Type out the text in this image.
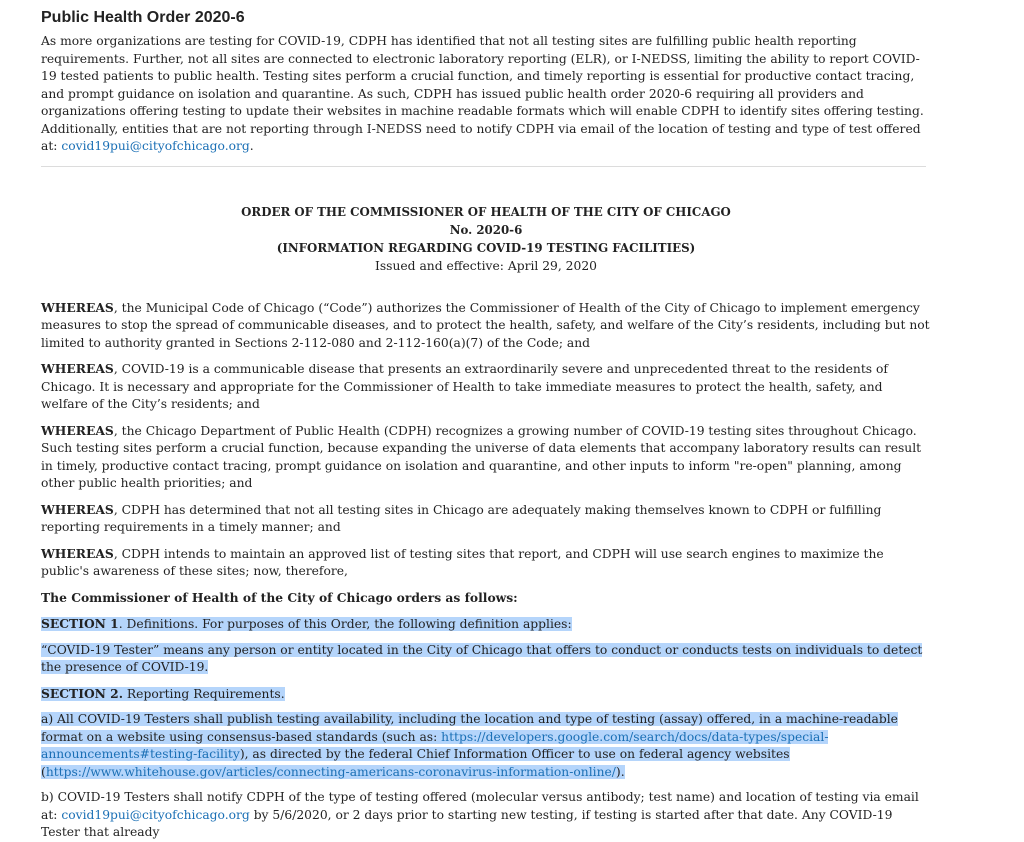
Public Health Order 2020-6

As more organizations are testing for COVID-19, CDPH has identified that not all testing sites are fulfilling public health reporting requirements. Further, not all sites are connected to electronic laboratory reporting (ELR), or I-NEDSS, limiting the ability to report COVID-19 tested patients to public health. Testing sites perform a crucial function, and timely reporting is essential for productive contact tracing, and prompt guidance on isolation and quarantine. As such, CDPH has issued public health order 2020-6 requiring all providers and organizations offering testing to update their websites in machine readable formats which will enable CDPH to identify sites offering testing. Additionally, entities that are not reporting through I-NEDSS need to notify CDPH via email of the location of testing and type of test offered at: covid19pui@cityofchicago.org.

ORDER OF THE COMMISSIONER OF HEALTH OF THE CITY OF CHICAGO
No. 2020-6
(INFORMATION REGARDING COVID-19 TESTING FACILITIES)
Issued and effective: April 29, 2020

WHEREAS, the Municipal Code of Chicago (“Code”) authorizes the Commissioner of Health of the City of Chicago to implement emergency measures to stop the spread of communicable diseases, and to protect the health, safety, and welfare of the City’s residents, including but not limited to authority granted in Sections 2-112-080 and 2-112-160(a)(7) of the Code; and

WHEREAS, COVID-19 is a communicable disease that presents an extraordinarily severe and unprecedented threat to the residents of Chicago. It is necessary and appropriate for the Commissioner of Health to take immediate measures to protect the health, safety, and welfare of the City’s residents; and

WHEREAS, the Chicago Department of Public Health (CDPH) recognizes a growing number of COVID-19 testing sites throughout Chicago. Such testing sites perform a crucial function, because expanding the universe of data elements that accompany laboratory results can result in timely, productive contact tracing, prompt guidance on isolation and quarantine, and other inputs to inform "re-open" planning, among other public health priorities; and

WHEREAS, CDPH has determined that not all testing sites in Chicago are adequately making themselves known to CDPH or fulfilling reporting requirements in a timely manner; and

WHEREAS, CDPH intends to maintain an approved list of testing sites that report, and CDPH will use search engines to maximize the public's awareness of these sites; now, therefore,

The Commissioner of Health of the City of Chicago orders as follows:

SECTION 1. Definitions. For purposes of this Order, the following definition applies:

“COVID-19 Tester” means any person or entity located in the City of Chicago that offers to conduct or conducts tests on individuals to detect the presence of COVID-19.

SECTION 2. Reporting Requirements.

a) All COVID-19 Testers shall publish testing availability, including the location and type of testing (assay) offered, in a machine-readable format on a website using consensus-based standards (such as: https://developers.google.com/search/docs/data-types/special-announcements#testing-facility), as directed by the federal Chief Information Officer to use on federal agency websites (https://www.whitehouse.gov/articles/connecting-americans-coronavirus-information-online/).

b) COVID-19 Testers shall notify CDPH of the type of testing offered (molecular versus antibody; test name) and location of testing via email at: covid19pui@cityofchicago.org by 5/6/2020, or 2 days prior to starting new testing, if testing is started after that date. Any COVID-19 Tester that already
